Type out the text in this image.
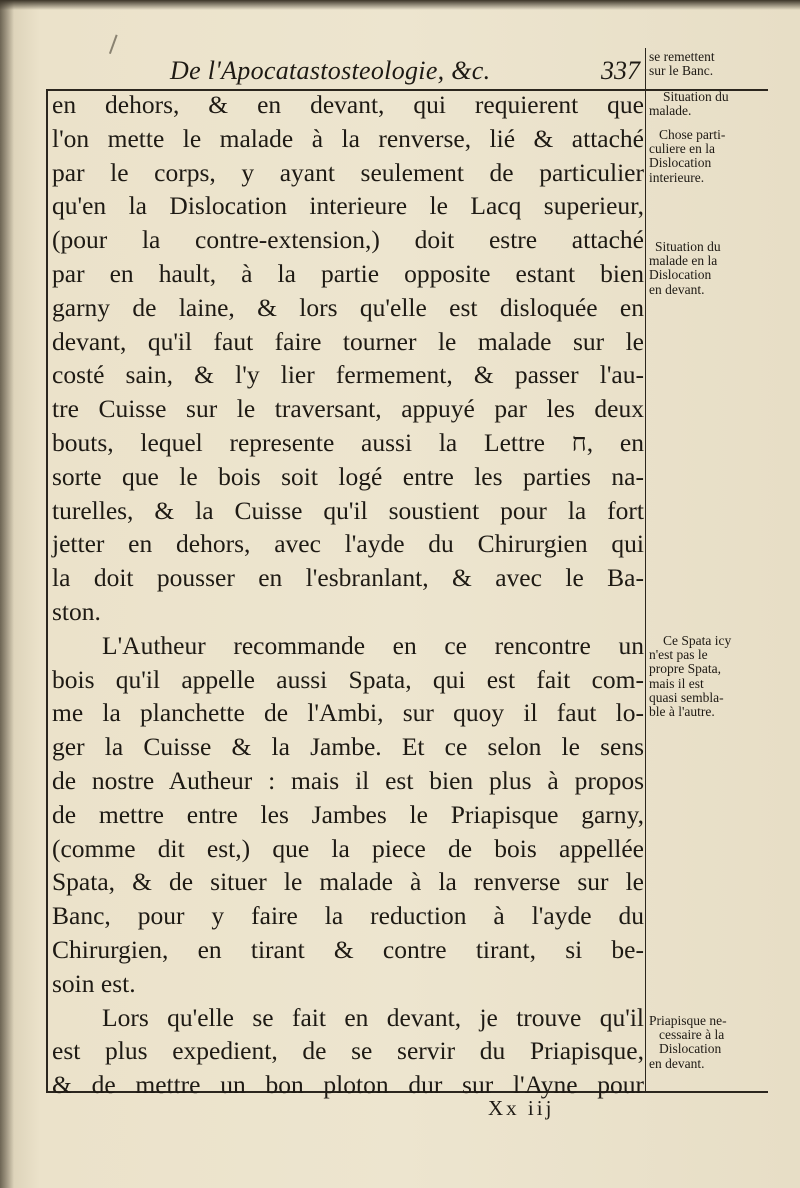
De l'Apocatastosteologie, &c.	337
en dehors, & en devant, qui requierent que
l'on mette le malade à la renverse, lié & attaché
par le corps, y ayant seulement de particulier
qu'en la Dislocation interieure le Lacq superieur,
(pour la contre-extension,) doit estre attaché
par en hault, à la partie opposite estant bien
garny de laine, & lors qu'elle est disloquée en
devant, qu'il faut faire tourner le malade sur le
costé sain, & l'y lier fermement, & passer l'au-
tre Cuisse sur le traversant, appuyé par les deux
bouts, lequel represente aussi la Lettre ח, en
sorte que le bois soit logé entre les parties na-
turelles, & la Cuisse qu'il soustient pour la fort
jetter en dehors, avec l'ayde du Chirurgien qui
la doit pousser en l'esbranlant, & avec le Ba-
ston.
L'Autheur recommande en ce rencontre un
bois qu'il appelle aussi Spata, qui est fait com-
me la planchette de l'Ambi, sur quoy il faut lo-
ger la Cuisse & la Jambe. Et ce selon le sens
de nostre Autheur : mais il est bien plus à propos
de mettre entre les Jambes le Priapisque garny,
(comme dit est,) que la piece de bois appellée
Spata, & de situer le malade à la renverse sur le
Banc, pour y faire la reduction à l'ayde du
Chirurgien, en tirant & contre tirant, si be-
soin est.
Lors qu'elle se fait en devant, je trouve qu'il
est plus expedient, de se servir du Priapisque,
& de mettre un bon ploton dur sur l'Ayne pour
se remettent
sur le Banc.
Situation du
malade.
Chose parti-
culiere en la
Dislocation
interieure.
Situation du
malade en la
Dislocation
en devant.
Ce Spata icy
n'est pas le
propre Spata,
mais il est
quasi sembla-
ble à l'autre.
Priapisque ne-
cessaire à la
Dislocation
en devant.
Xx iij
